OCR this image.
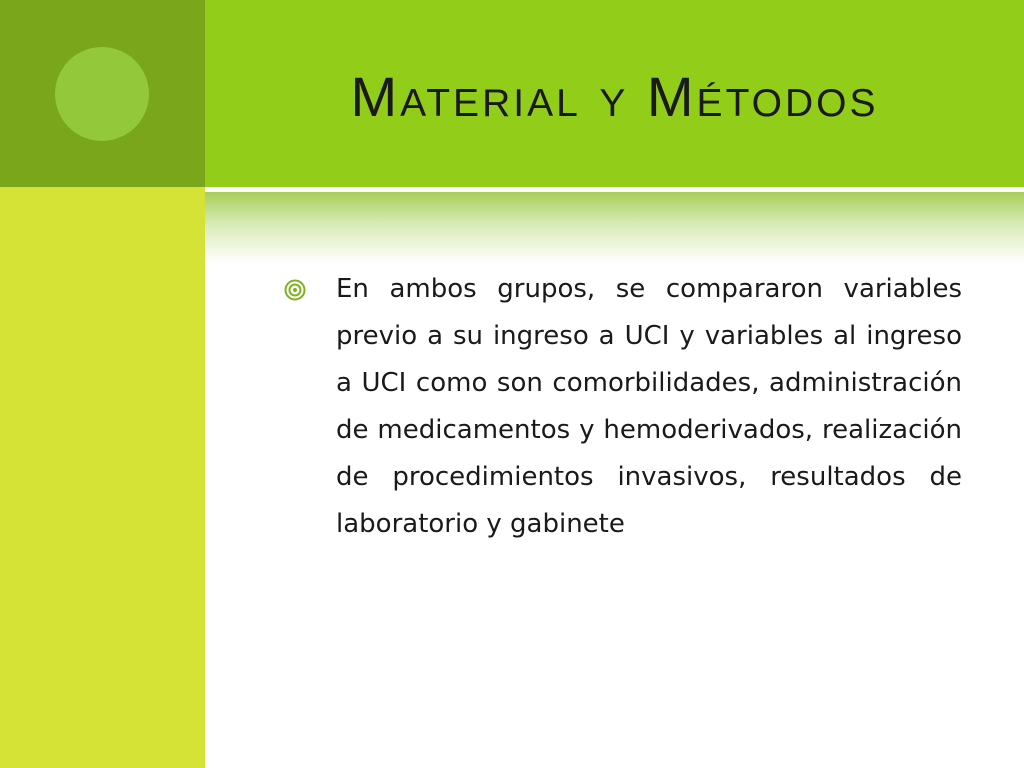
Material y Métodos

En ambos grupos, se compararon variables previo a su ingreso a UCI y variables al ingreso a UCI como son comorbilidades, administración de medicamentos y hemoderivados, realización de procedimientos invasivos, resultados de laboratorio y gabinete
